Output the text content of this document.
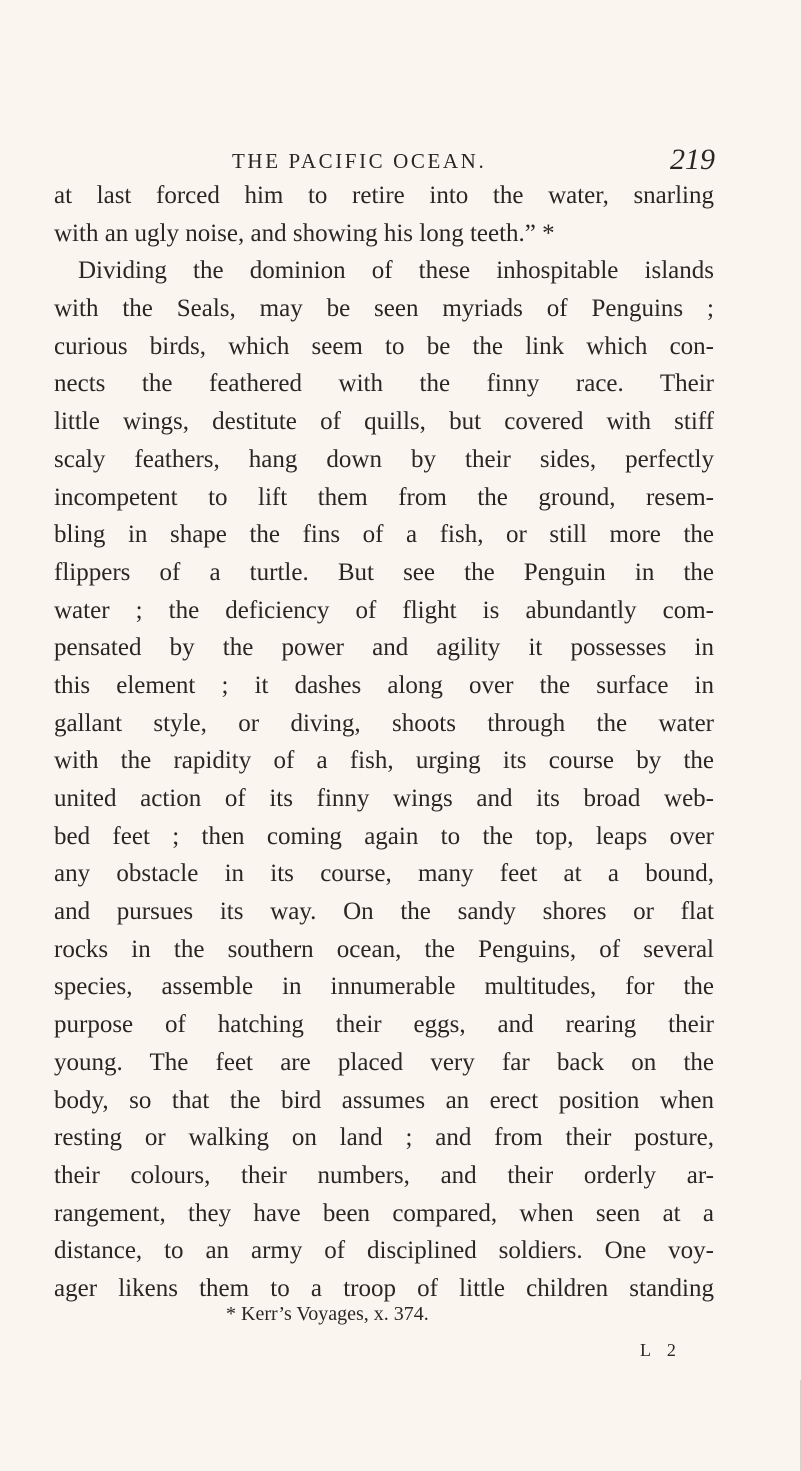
THE PACIFIC OCEAN.	219
at last forced him to retire into the water, snarling
with an ugly noise, and showing his long teeth.” *
Dividing the dominion of these inhospitable islands
with the Seals, may be seen myriads of Penguins ;
curious birds, which seem to be the link which con-
nects the feathered with the finny race. Their
little wings, destitute of quills, but covered with stiff
scaly feathers, hang down by their sides, perfectly
incompetent to lift them from the ground, resem-
bling in shape the fins of a fish, or still more the
flippers of a turtle. But see the Penguin in the
water ; the deficiency of flight is abundantly com-
pensated by the power and agility it possesses in
this element ; it dashes along over the surface in
gallant style, or diving, shoots through the water
with the rapidity of a fish, urging its course by the
united action of its finny wings and its broad web-
bed feet ; then coming again to the top, leaps over
any obstacle in its course, many feet at a bound,
and pursues its way. On the sandy shores or flat
rocks in the southern ocean, the Penguins, of several
species, assemble in innumerable multitudes, for the
purpose of hatching their eggs, and rearing their
young. The feet are placed very far back on the
body, so that the bird assumes an erect position when
resting or walking on land ; and from their posture,
their colours, their numbers, and their orderly ar-
rangement, they have been compared, when seen at a
distance, to an army of disciplined soldiers. One voy-
ager likens them to a troop of little children standing
* Kerr’s Voyages, x. 374.
L 2
